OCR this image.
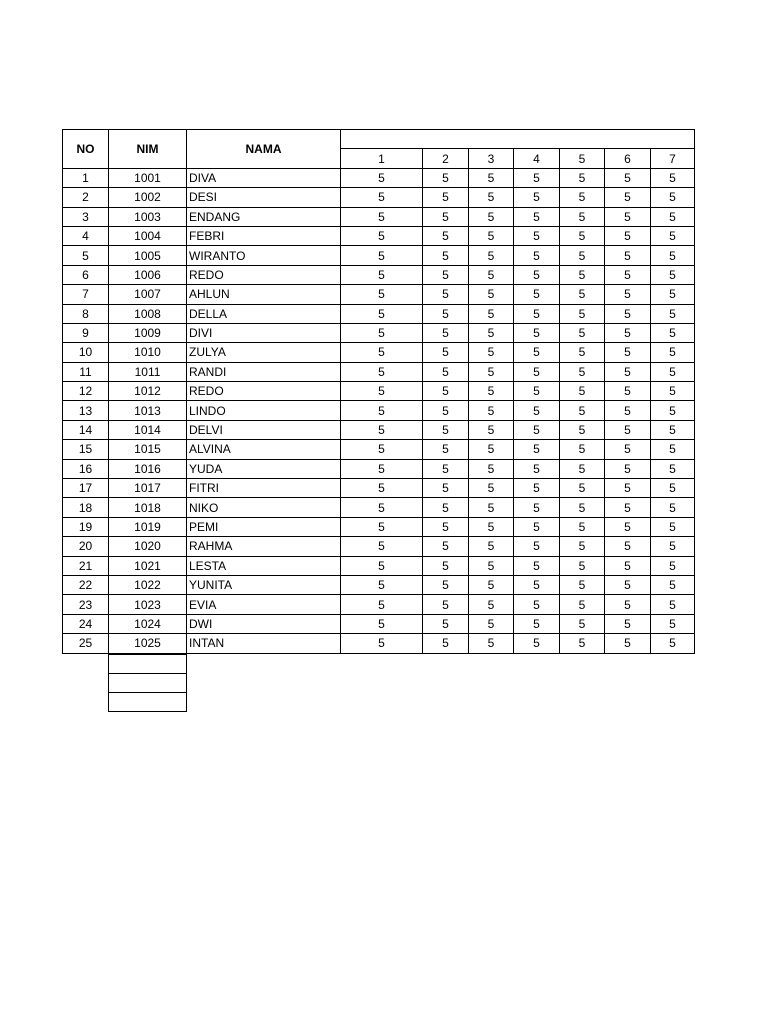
NO	NIM	NAMA							
			1	2	3	4	5	6	7
1	1001	DIVA	5	5	5	5	5	5	5
2	1002	DESI	5	5	5	5	5	5	5
3	1003	ENDANG	5	5	5	5	5	5	5
4	1004	FEBRI	5	5	5	5	5	5	5
5	1005	WIRANTO	5	5	5	5	5	5	5
6	1006	REDO	5	5	5	5	5	5	5
7	1007	AHLUN	5	5	5	5	5	5	5
8	1008	DELLA	5	5	5	5	5	5	5
9	1009	DIVI	5	5	5	5	5	5	5
10	1010	ZULYA	5	5	5	5	5	5	5
11	1011	RANDI	5	5	5	5	5	5	5
12	1012	REDO	5	5	5	5	5	5	5
13	1013	LINDO	5	5	5	5	5	5	5
14	1014	DELVI	5	5	5	5	5	5	5
15	1015	ALVINA	5	5	5	5	5	5	5
16	1016	YUDA	5	5	5	5	5	5	5
17	1017	FITRI	5	5	5	5	5	5	5
18	1018	NIKO	5	5	5	5	5	5	5
19	1019	PEMI	5	5	5	5	5	5	5
20	1020	RAHMA	5	5	5	5	5	5	5
21	1021	LESTA	5	5	5	5	5	5	5
22	1022	YUNITA	5	5	5	5	5	5	5
23	1023	EVIA	5	5	5	5	5	5	5
24	1024	DWI	5	5	5	5	5	5	5
25	1025	INTAN	5	5	5	5	5	5	5
